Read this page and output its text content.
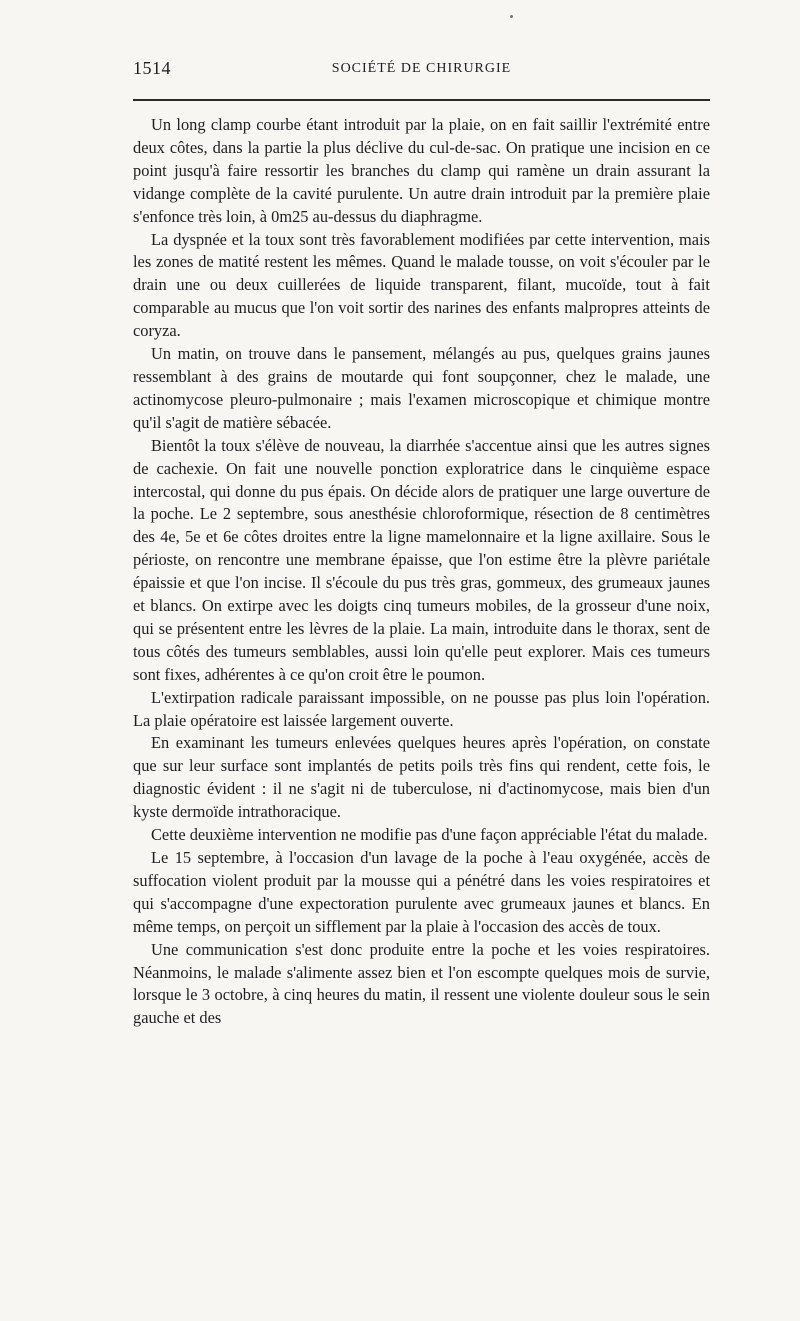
1514	SOCIÉTÉ DE CHIRURGIE

Un long clamp courbe étant introduit par la plaie, on en fait saillir l'extrémité entre deux côtes, dans la partie la plus déclive du cul-de-sac. On pratique une incision en ce point jusqu'à faire ressortir les branches du clamp qui ramène un drain assurant la vidange complète de la cavité purulente. Un autre drain introduit par la première plaie s'enfonce très loin, à 0m25 au-dessus du diaphragme.

La dyspnée et la toux sont très favorablement modifiées par cette intervention, mais les zones de matité restent les mêmes. Quand le malade tousse, on voit s'écouler par le drain une ou deux cuillerées de liquide transparent, filant, mucoïde, tout à fait comparable au mucus que l'on voit sortir des narines des enfants malpropres atteints de coryza.

Un matin, on trouve dans le pansement, mélangés au pus, quelques grains jaunes ressemblant à des grains de moutarde qui font soupçonner, chez le malade, une actinomycose pleuro-pulmonaire ; mais l'examen microscopique et chimique montre qu'il s'agit de matière sébacée.

Bientôt la toux s'élève de nouveau, la diarrhée s'accentue ainsi que les autres signes de cachexie. On fait une nouvelle ponction exploratrice dans le cinquième espace intercostal, qui donne du pus épais. On décide alors de pratiquer une large ouverture de la poche. Le 2 septembre, sous anesthésie chloroformique, résection de 8 centimètres des 4e, 5e et 6e côtes droites entre la ligne mamelonnaire et la ligne axillaire. Sous le périoste, on rencontre une membrane épaisse, que l'on estime être la plèvre pariétale épaissie et que l'on incise. Il s'écoule du pus très gras, gommeux, des grumeaux jaunes et blancs. On extirpe avec les doigts cinq tumeurs mobiles, de la grosseur d'une noix, qui se présentent entre les lèvres de la plaie. La main, introduite dans le thorax, sent de tous côtés des tumeurs semblables, aussi loin qu'elle peut explorer. Mais ces tumeurs sont fixes, adhérentes à ce qu'on croit être le poumon.

L'extirpation radicale paraissant impossible, on ne pousse pas plus loin l'opération. La plaie opératoire est laissée largement ouverte.

En examinant les tumeurs enlevées quelques heures après l'opération, on constate que sur leur surface sont implantés de petits poils très fins qui rendent, cette fois, le diagnostic évident : il ne s'agit ni de tuberculose, ni d'actinomycose, mais bien d'un kyste dermoïde intrathoracique.

Cette deuxième intervention ne modifie pas d'une façon appréciable l'état du malade.

Le 15 septembre, à l'occasion d'un lavage de la poche à l'eau oxygénée, accès de suffocation violent produit par la mousse qui a pénétré dans les voies respiratoires et qui s'accompagne d'une expectoration purulente avec grumeaux jaunes et blancs. En même temps, on perçoit un sifflement par la plaie à l'occasion des accès de toux.

Une communication s'est donc produite entre la poche et les voies respiratoires. Néanmoins, le malade s'alimente assez bien et l'on escompte quelques mois de survie, lorsque le 3 octobre, à cinq heures du matin, il ressent une violente douleur sous le sein gauche et des
